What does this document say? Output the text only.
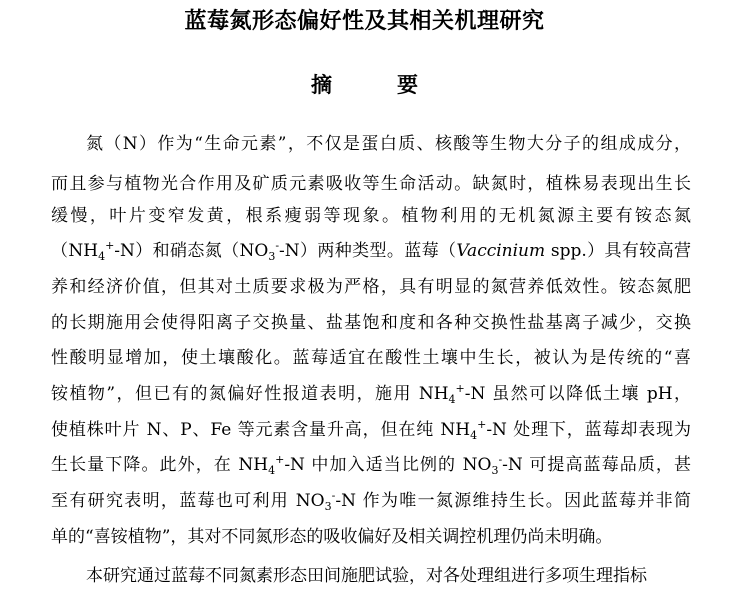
蓝莓氮形态偏好性及其相关机理研究
摘　要

氮（N）作为“生命元素”，不仅是蛋白质、核酸等生物大分子的组成成分，

而且参与植物光合作用及矿质元素吸收等生命活动。缺氮时，植株易表现出生长

缓慢，叶片变窄发黄，根系瘦弱等现象。植物利用的无机氮源主要有铵态氮

$(NH_4^+-N)$和硝态氮$(NO_3^--N)$两种类型。蓝莓（Vaccinium spp.）具有较高营

养和经济价值，但其对土质要求极为严格，具有明显的氮营养低效性。铵态氮肥

的长期施用会使得阳离子交换量、盐基饱和度和各种交换性盐基离子减少，交换

性酸明显增加，使土壤酸化。蓝莓适宜在酸性土壤中生长，被认为是传统的“喜

铵植物”，但已有的氮偏好性报道表明，施用 $NH_4^+-N$ 虽然可以降低土壤 pH，

使植株叶片 N、P、Fe 等元素含量升高，但在纯 $NH_4^+-N$ 处理下，蓝莓却表现为

生长量下降。此外，在 $NH_4^+-N$ 中加入适当比例的 $NO_3^--N$ 可提高蓝莓品质，甚

至有研究表明，蓝莓也可利用 $NO_3^--N$ 作为唯一氮源维持生长。因此蓝莓并非简

单的“喜铵植物”，其对不同氮形态的吸收偏好及相关调控机理仍尚未明确。

本研究通过蓝莓不同氮素形态田间施肥试验，对各处理组进行多项生理指标
